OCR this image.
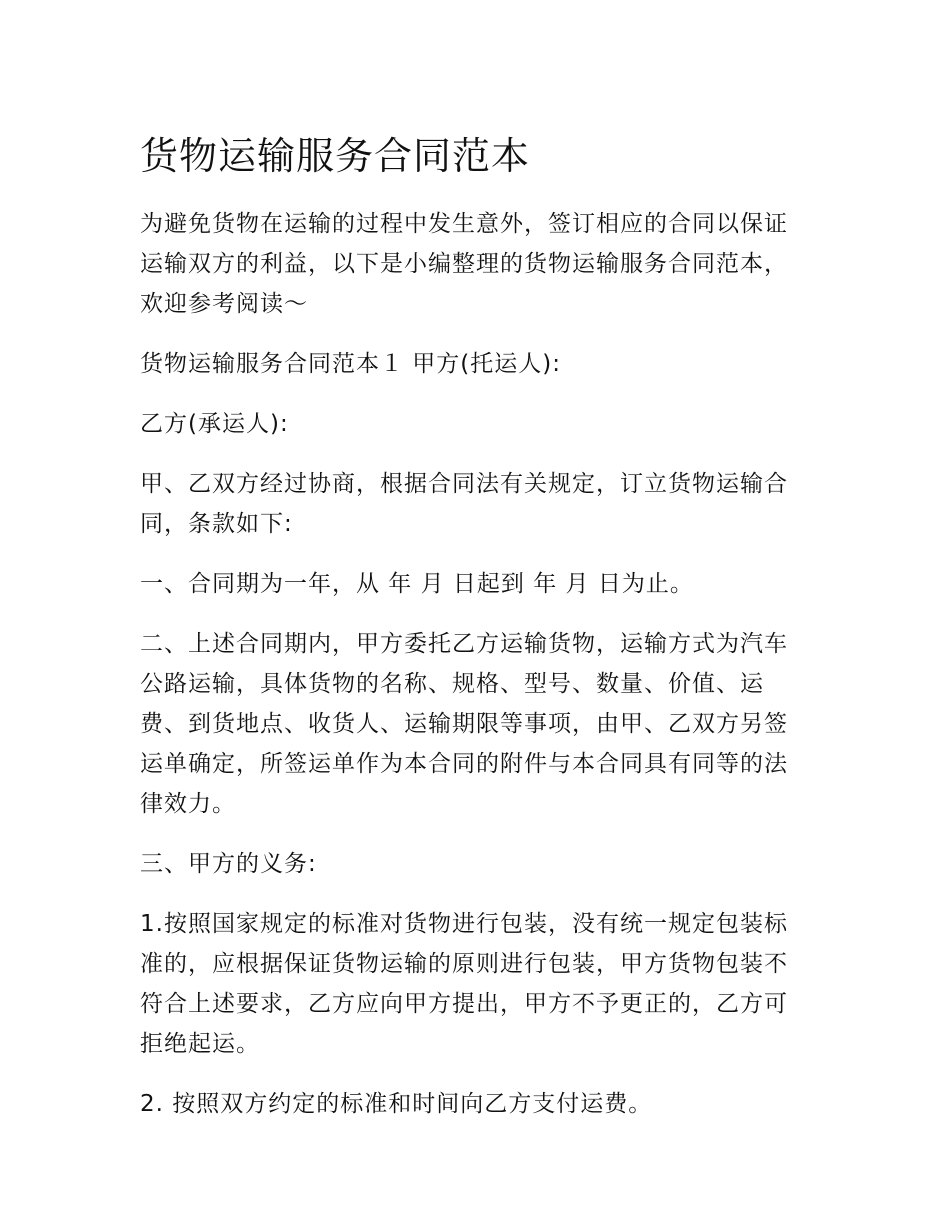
货物运输服务合同范本

为避免货物在运输的过程中发生意外，签订相应的合同以保证运输双方的利益，以下是小编整理的货物运输服务合同范本，欢迎参考阅读～

货物运输服务合同范本１ 甲方(托运人):

乙方(承运人):

甲、乙双方经过协商，根据合同法有关规定，订立货物运输合同，条款如下:

一、合同期为一年，从 年 月 日起到 年 月 日为止。

二、上述合同期内，甲方委托乙方运输货物，运输方式为汽车公路运输，具体货物的名称、规格、型号、数量、价值、运费、到货地点、收货人、运输期限等事项，由甲、乙双方另签运单确定，所签运单作为本合同的附件与本合同具有同等的法律效力。

三、甲方的义务:

1.按照国家规定的标准对货物进行包装，没有统一规定包装标准的，应根据保证货物运输的原则进行包装，甲方货物包装不符合上述要求，乙方应向甲方提出，甲方不予更正的，乙方可拒绝起运。

2. 按照双方约定的标准和时间向乙方支付运费。
